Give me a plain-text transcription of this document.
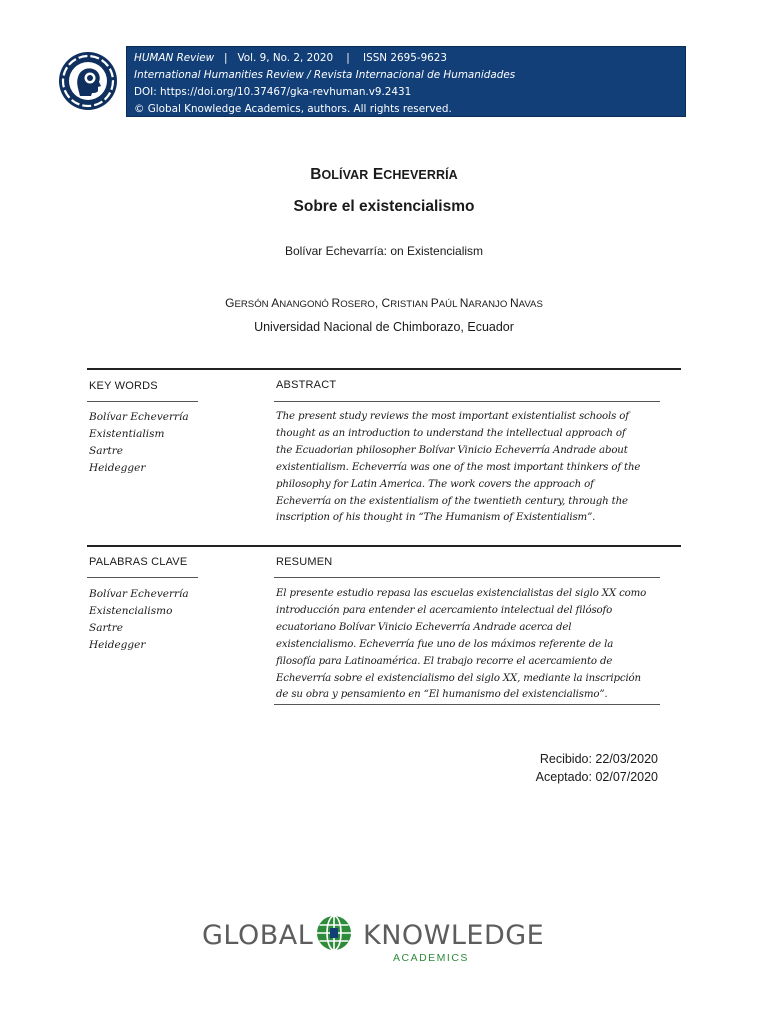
HUMAN Review | Vol. 9, No. 2, 2020 | ISSN 2695-9623
International Humanities Review / Revista Internacional de Humanidades
DOI: https://doi.org/10.37467/gka-revhuman.v9.2431
© Global Knowledge Academics, authors. All rights reserved.
BOLÍVAR ECHEVERRÍA
Sobre el existencialismo
Bolívar Echevarría: on Existencialism
GERSÓN ANANGONÓ ROSERO, CRISTIAN PAÚL NARANJO NAVAS
Universidad Nacional de Chimborazo, Ecuador
KEY WORDS	ABSTRACT
Bolívar Echeverría
Existentialism
Sartre
Heidegger
The present study reviews the most important existentialist schools of
thought as an introduction to understand the intellectual approach of
the Ecuadorian philosopher Bolívar Vinicio Echeverría Andrade about
existentialism. Echeverría was one of the most important thinkers of the
philosophy for Latin America. The work covers the approach of
Echeverría on the existentialism of the twentieth century, through the
inscription of his thought in “The Humanism of Existentialism”.
PALABRAS CLAVE	RESUMEN
Bolívar Echeverría
Existencialismo
Sartre
Heidegger
El presente estudio repasa las escuelas existencialistas del siglo XX como
introducción para entender el acercamiento intelectual del filósofo
ecuatoriano Bolívar Vinicio Echeverría Andrade acerca del
existencialismo. Echeverría fue uno de los máximos referente de la
filosofía para Latinoamérica. El trabajo recorre el acercamiento de
Echeverría sobre el existencialismo del siglo XX, mediante la inscripción
de su obra y pensamiento en “El humanismo del existencialismo”.
Recibido: 22/03/2020
Aceptado: 02/07/2020
GLOBAL KNOWLEDGE
ACADEMICS
